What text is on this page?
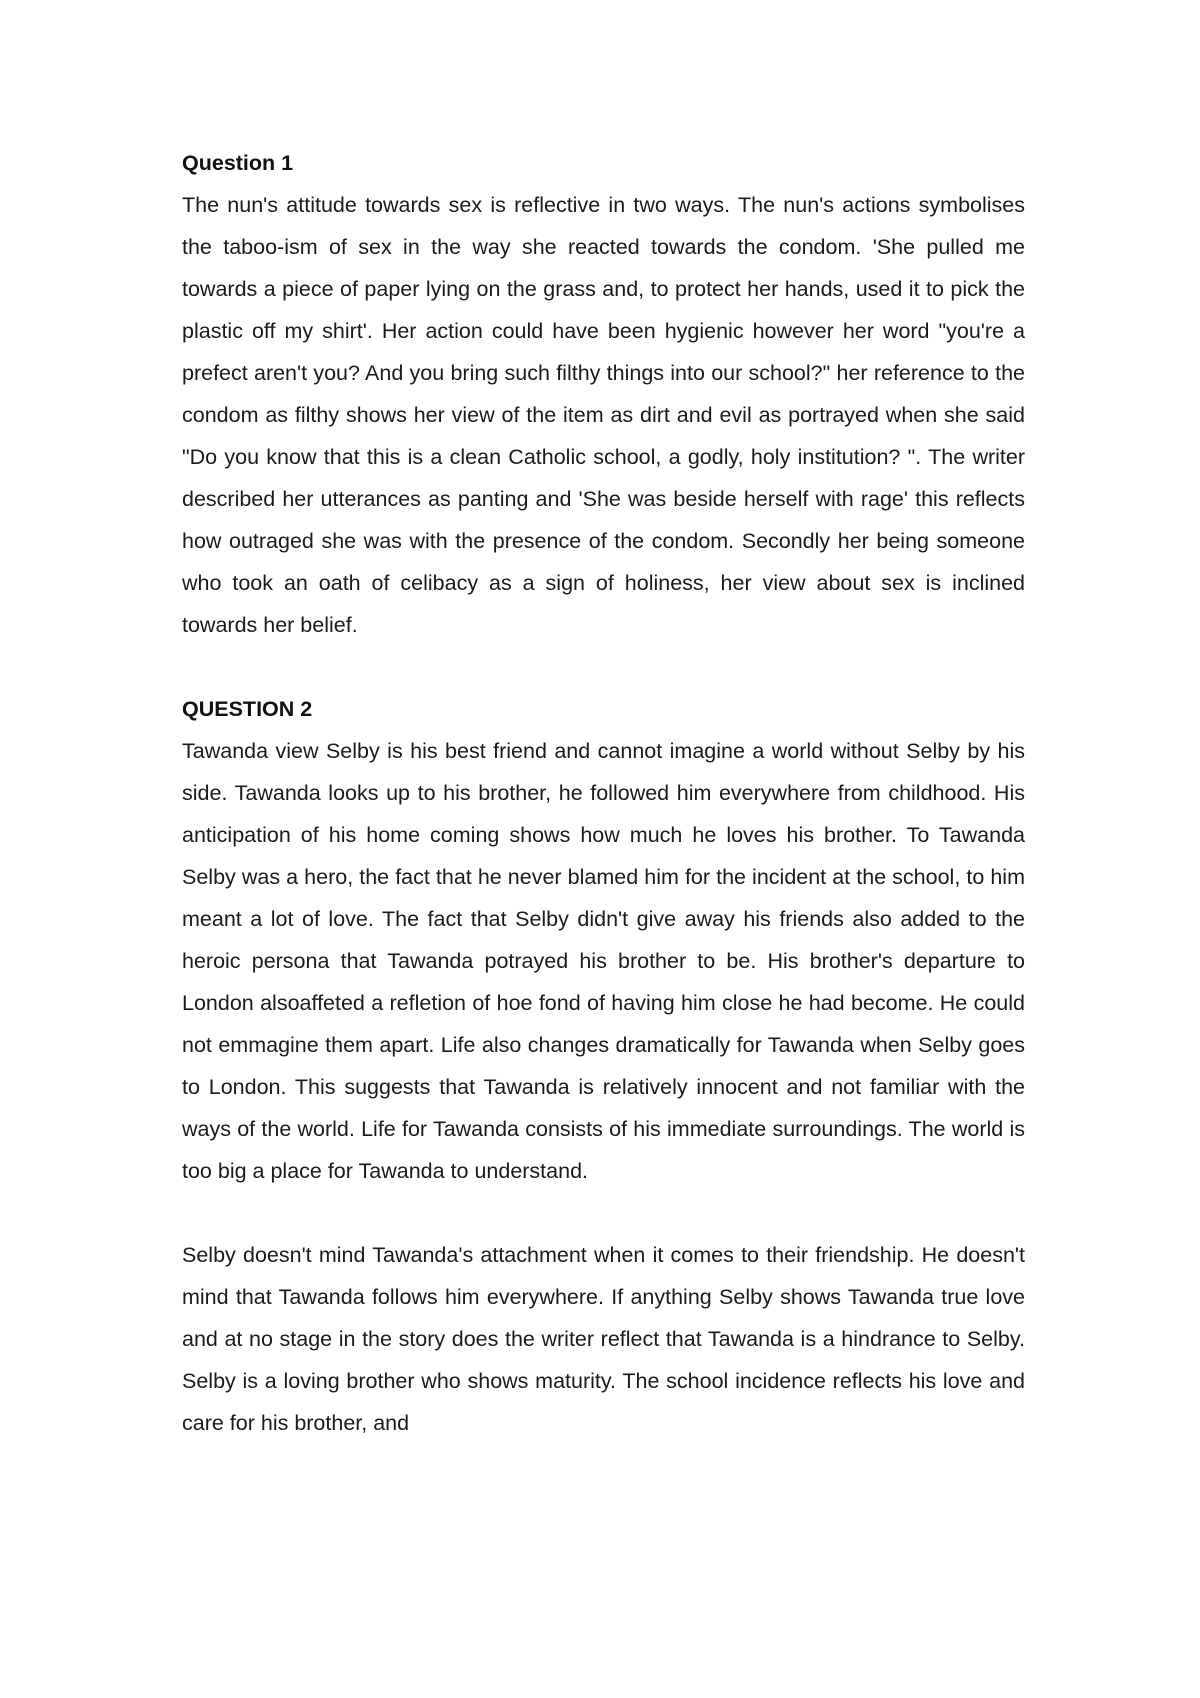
Question 1

The nun's attitude towards sex is reflective in two ways. The nun's actions symbolises the taboo-ism of sex in the way she reacted towards the condom. 'She pulled me towards a piece of paper lying on the grass and, to protect her hands, used it to pick the plastic off my shirt'. Her action could have been hygienic however her word "you're a prefect aren't you? And you bring such filthy things into our school?" her reference to the condom as filthy shows her view of the item as dirt and evil as portrayed when she said "Do you know that this is a clean Catholic school, a godly, holy institution? ". The writer described her utterances as panting and 'She was beside herself with rage' this reflects how outraged she was with the presence of the condom. Secondly her being someone who took an oath of celibacy as a sign of holiness, her view about sex is inclined towards her belief.

QUESTION 2

Tawanda view Selby is his best friend and cannot imagine a world without Selby by his side. Tawanda looks up to his brother, he followed him everywhere from childhood. His anticipation of his home coming shows how much he loves his brother. To Tawanda Selby was a hero, the fact that he never blamed him for the incident at the school, to him meant a lot of love. The fact that Selby didn't give away his friends also added to the heroic persona that Tawanda potrayed his brother to be. His brother's departure to London alsoaffeted a refletion of hoe fond of having him close he had become. He could not emmagine them apart. Life also changes dramatically for Tawanda when Selby goes to London. This suggests that Tawanda is relatively innocent and not familiar with the ways of the world. Life for Tawanda consists of his immediate surroundings. The world is too big a place for Tawanda to understand.

Selby doesn't mind Tawanda's attachment when it comes to their friendship. He doesn't mind that Tawanda follows him everywhere. If anything Selby shows Tawanda true love and at no stage in the story does the writer reflect that Tawanda is a hindrance to Selby. Selby is a loving brother who shows maturity. The school incidence reflects his love and care for his brother, and
